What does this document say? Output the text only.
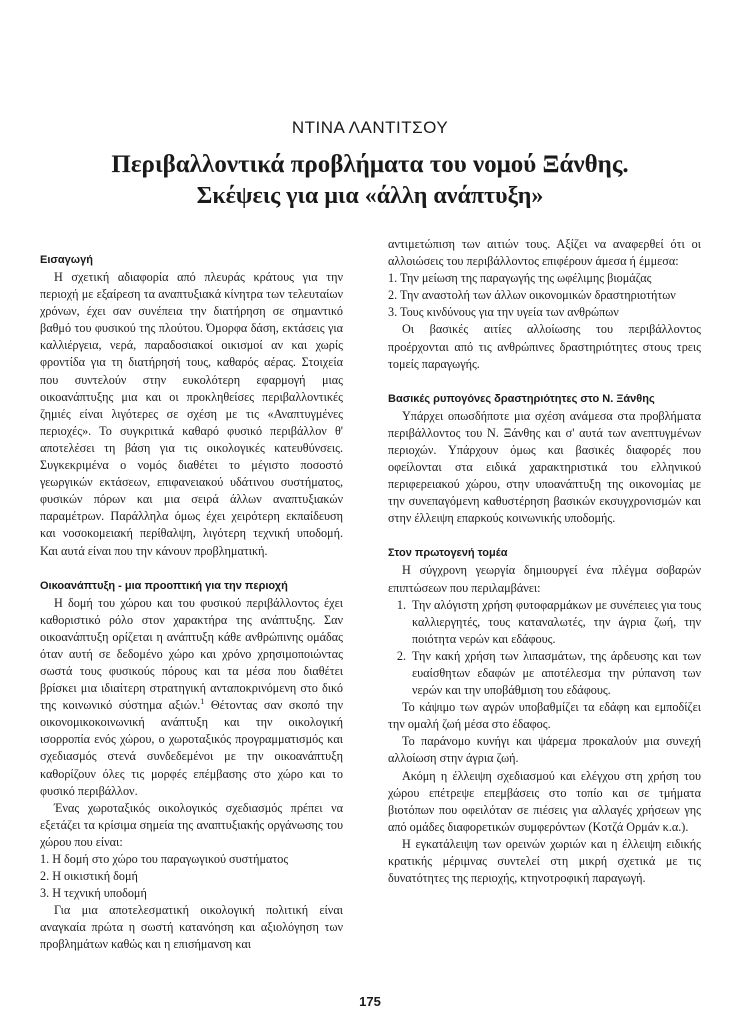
ΝΤΙΝΑ ΛΑΝΤΙΤΣΟΥ
Περιβαλλοντικά προβλήματα του νομού Ξάνθης.
Σκέψεις για μια «άλλη ανάπτυξη»
Εισαγωγή

Η σχετική αδιαφορία από πλευράς κράτους για την περιοχή με εξαίρεση τα αναπτυξιακά κίνητρα των τελευταίων χρόνων, έχει σαν συνέπεια την διατήρηση σε σημαντικό βαθμό του φυσικού της πλούτου. Όμορφα δάση, εκτάσεις για καλλιέργεια, νερά, παραδοσιακοί οικισμοί αν και χωρίς φροντίδα για τη διατήρησή τους, καθαρός αέρας. Στοιχεία που συντελούν στην ευκολότερη εφαρμογή μιας οικοανάπτυξης μια και οι προκληθείσες περιβαλλοντικές ζημιές είναι λιγότερες σε σχέση με τις «Αναπτυγμένες περιοχές». Το συγκριτικά καθαρό φυσικό περιβάλλον θ' αποτελέσει τη βάση για τις οικολογικές κατευθύνσεις. Συγκεκριμένα ο νομός διαθέτει το μέγιστο ποσοστό γεωργικών εκτάσεων, επιφανειακού υδάτινου συστήματος, φυσικών πόρων και μια σειρά άλλων αναπτυξιακών παραμέτρων. Παράλληλα όμως έχει χειρότερη εκπαίδευση και νοσοκομειακή περίθαλψη, λιγότερη τεχνική υποδομή. Και αυτά είναι που την κάνουν προβληματική.

Οικοανάπτυξη - μια προοπτική για την περιοχή

Η δομή του χώρου και του φυσικού περιβάλλοντος έχει καθοριστικό ρόλο στον χαρακτήρα της ανάπτυξης. Σαν οικοανάπτυξη ορίζεται η ανάπτυξη κάθε ανθρώπινης ομάδας όταν αυτή σε δεδομένο χώρο και χρόνο χρησιμοποιώντας σωστά τους φυσικούς πόρους και τα μέσα που διαθέτει βρίσκει μια ιδιαίτερη στρατηγική ανταποκρινόμενη στο δικό της κοινωνικό σύστημα αξιών.$^1$ Θέτοντας σαν σκοπό την οικονομικοκοινωνική ανάπτυξη και την οικολογική ισορροπία ενός χώρου, ο χωροταξικός προγραμματισμός και σχεδιασμός στενά συνδεδεμένοι με την οικοανάπτυξη καθορίζουν όλες τις μορφές επέμβασης στο χώρο και το φυσικό περιβάλλον.

Ένας χωροταξικός οικολογικός σχεδιασμός πρέπει να εξετάζει τα κρίσιμα σημεία της αναπτυξιακής οργάνωσης του χώρου που είναι:

1. Η δομή στο χώρο του παραγωγικού συστήματος
2. Η οικιστική δομή
3. Η τεχνική υποδομή

Για μια αποτελεσματική οικολογική πολιτική είναι αναγκαία πρώτα η σωστή κατανόηση και αξιολόγηση των προβλημάτων καθώς και η επισήμανση και

αντιμετώπιση των αιτιών τους. Αξίζει να αναφερθεί ότι οι αλλοιώσεις του περιβάλλοντος επιφέρουν άμεσα ή έμμεσα:

1. Την μείωση της παραγωγής της ωφέλιμης βιομάζας
2. Την αναστολή των άλλων οικονομικών δραστηριοτήτων
3. Τους κινδύνους για την υγεία των ανθρώπων

Οι βασικές αιτίες αλλοίωσης του περιβάλλοντος προέρχονται από τις ανθρώπινες δραστηριότητες στους τρεις τομείς παραγωγής.

Βασικές ρυπογόνες δραστηριότητες στο Ν. Ξάνθης

Υπάρχει οπωσδήποτε μια σχέση ανάμεσα στα προβλήματα περιβάλλοντος του Ν. Ξάνθης και σ' αυτά των ανεπτυγμένων περιοχών. Υπάρχουν όμως και βασικές διαφορές που οφείλονται στα ειδικά χαρακτηριστικά του ελληνικού περιφερειακού χώρου, στην υποανάπτυξη της οικονομίας με την συνεπαγόμενη καθυστέρηση βασικών εκσυγχρονισμών και στην έλλειψη επαρκούς κοινωνικής υποδομής.

Στον πρωτογενή τομέα

Η σύγχρονη γεωργία δημιουργεί ένα πλέγμα σοβαρών επιπτώσεων που περιλαμβάνει:

1. Την αλόγιστη χρήση φυτοφαρμάκων με συνέπειες για τους καλλιεργητές, τους καταναλωτές, την άγρια ζωή, την ποιότητα νερών και εδάφους.
2. Την κακή χρήση των λιπασμάτων, της άρδευσης και των ευαίσθητων εδαφών με αποτέλεσμα την ρύπανση των νερών και την υποβάθμιση του εδάφους.

Το κάψιμο των αγρών υποβαθμίζει τα εδάφη και εμποδίζει την ομαλή ζωή μέσα στο έδαφος.

Το παράνομο κυνήγι και ψάρεμα προκαλούν μια συνεχή αλλοίωση στην άγρια ζωή.

Ακόμη η έλλειψη σχεδιασμού και ελέγχου στη χρήση του χώρου επέτρεψε επεμβάσεις στο τοπίο και σε τμήματα βιοτόπων που οφειλόταν σε πιέσεις για αλλαγές χρήσεων γης από ομάδες διαφορετικών συμφερόντων (Κοτζά Ορμάν κ.α.).

Η εγκατάλειψη των ορεινών χωριών και η έλλειψη ειδικής κρατικής μέριμνας συντελεί στη μικρή σχετικά με τις δυνατότητες της περιοχής, κτηνοτροφική παραγωγή.

175
